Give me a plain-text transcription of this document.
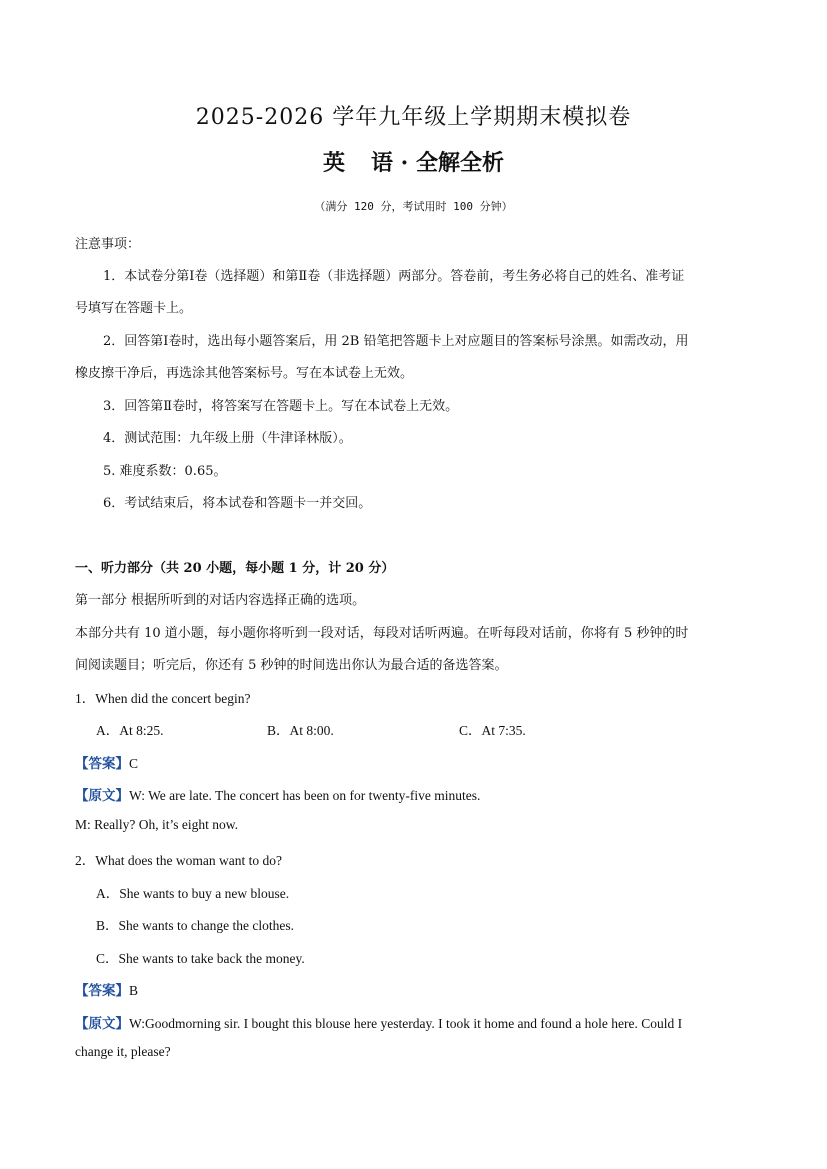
2025-2026 学年九年级上学期期末模拟卷
英 语 · 全解全析
（满分 120 分，考试用时 100 分钟）
注意事项：
1．本试卷分第Ⅰ卷（选择题）和第Ⅱ卷（非选择题）两部分。答卷前，考生务必将自己的姓名、准考证
号填写在答题卡上。
2．回答第Ⅰ卷时，选出每小题答案后，用 2B 铅笔把答题卡上对应题目的答案标号涂黑。如需改动，用
橡皮擦干净后，再选涂其他答案标号。写在本试卷上无效。
3．回答第Ⅱ卷时，将答案写在答题卡上。写在本试卷上无效。
4．测试范围：九年级上册（牛津译林版）。
5. 难度系数：0.65。
6．考试结束后，将本试卷和答题卡一并交回。
一、听力部分（共 20 小题，每小题 1 分，计 20 分）
第一部分 根据所听到的对话内容选择正确的选项。
本部分共有 10 道小题，每小题你将听到一段对话，每段对话听两遍。在听每段对话前，你将有 5 秒钟的时
间阅读题目；听完后，你还有 5 秒钟的时间选出你认为最合适的备选答案。
1．When did the concert begin?
A．At 8:25.	B．At 8:00.	C．At 7:35.
【答案】C
【原文】W: We are late. The concert has been on for twenty-five minutes.
M: Really? Oh, it’s eight now.
2．What does the woman want to do?
A．She wants to buy a new blouse.
B．She wants to change the clothes.
C．She wants to take back the money.
【答案】B
【原文】W:Goodmorning sir. I bought this blouse here yesterday. I took it home and found a hole here. Could I
change it, please?
